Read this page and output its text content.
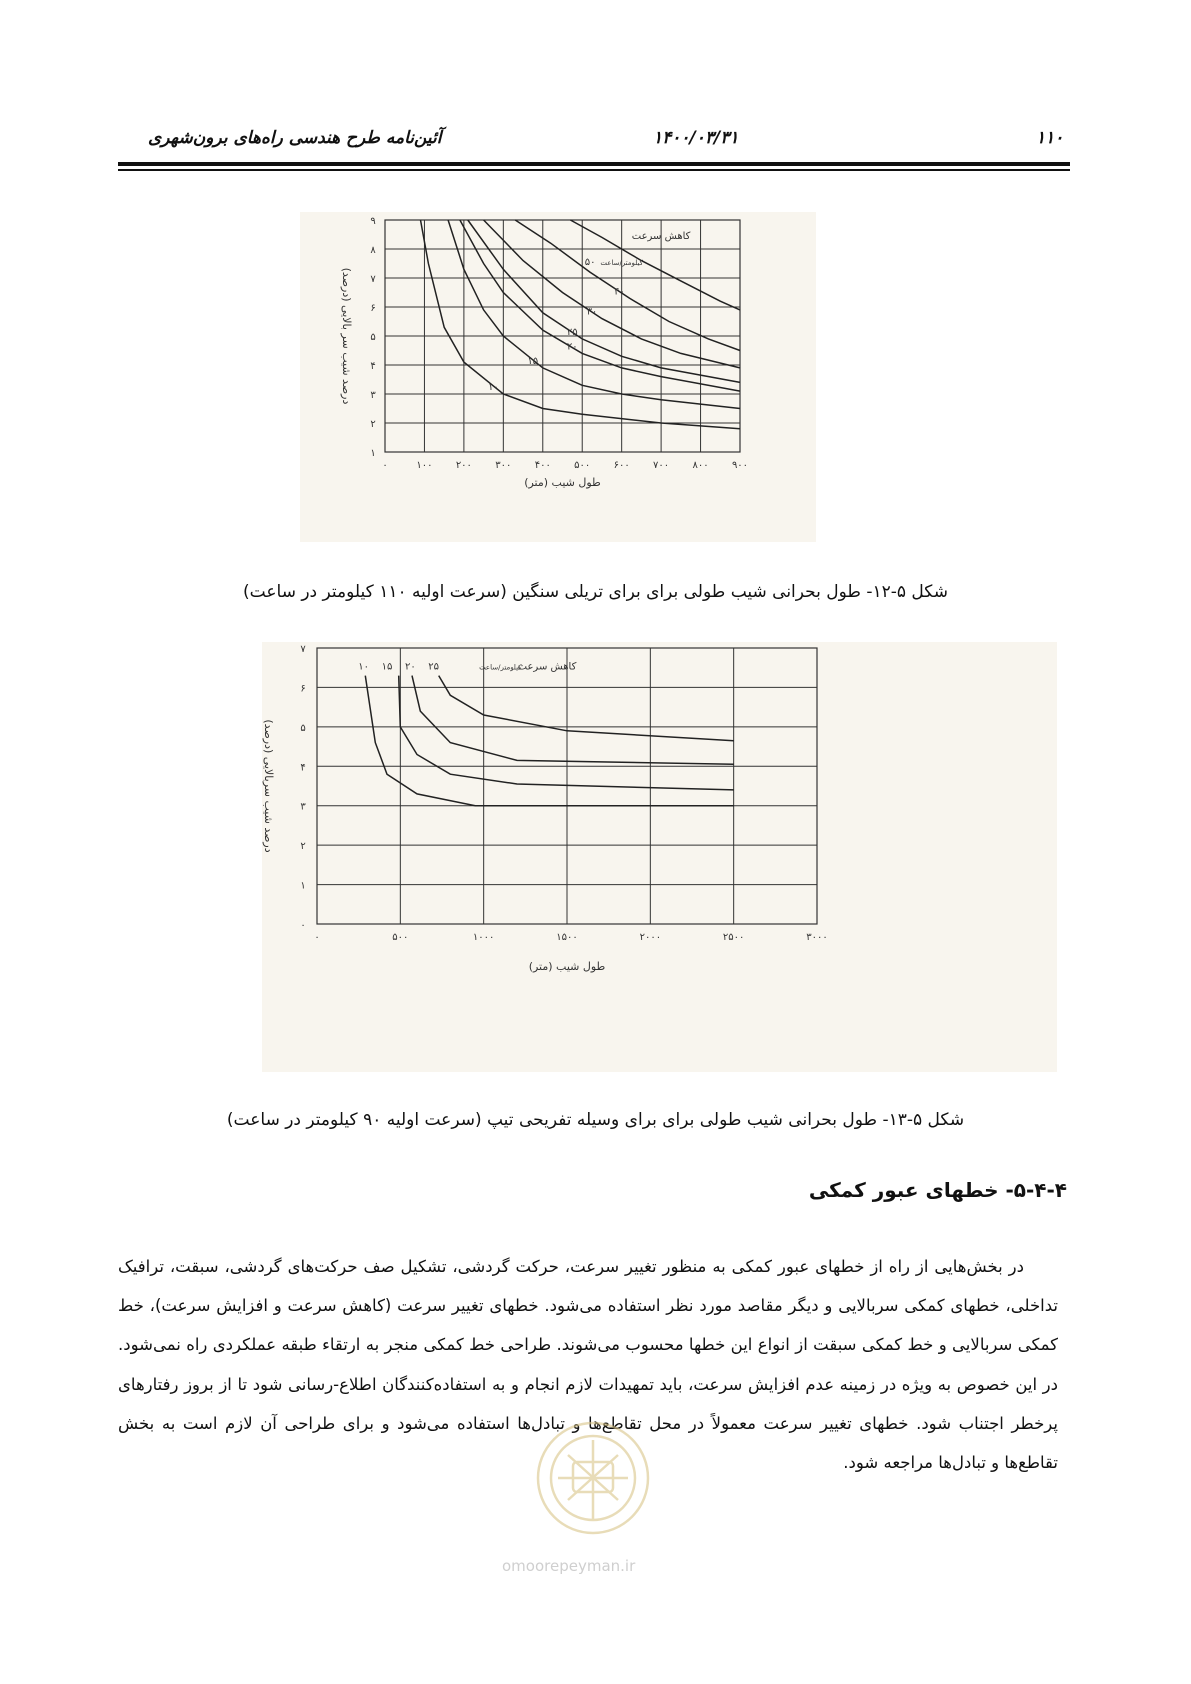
۱۱۰
۱۴۰۰/۰۳/۳۱
آئین‌نامه طرح هندسی راه‌های برون‌شهری
۰	۱۰۰ ۲۰۰ ۳۰۰ ۴۰۰ ۵۰۰ ۶۰۰ ۷۰۰ ۸۰۰ ۹۰۰
۱
۲
۳
۴
۵
۶
۷
۸
۹
طول شیب (متر)
درصد شیب سر بالایی (درصد)	۱۰
۱۵
۲۰
۲۵
۳۰
۴۰
۵۰ کیلومتر/ساعت
کاهش سرعت
شکل ۵-۱۲- طول بحرانی شیب طولی برای برای تریلی سنگین (سرعت اولیه ۱۱۰ کیلومتر در ساعت)
۰	۵۰۰	۱۰۰۰	۱۵۰۰	۲۰۰۰	۲۵۰۰	۳۰۰۰
۰
۱
۲
۳
۴
۵
۶
۷
طول شیب (متر)
درصد شیب سربالایی (درصد)
۱۰ ۱۵ ۲۰ ۲۵	کیلومتر/ساعت
کاهش سرعت
شکل ۵-۱۳- طول بحرانی شیب طولی برای برای وسیله تفریحی تیپ (سرعت اولیه ۹۰ کیلومتر در ساعت)
۵-۴-۴- خطهای عبور کمکی
در بخش‌هایی از راه از خطهای عبور کمکی به منظور تغییر سرعت، حرکت گردشی، تشکیل صف حرکت‌های گردشی، سبقت، ترافیک تداخلی، خطهای کمکی سربالایی و دیگر مقاصد مورد نظر استفاده می‌شود. خطهای تغییر سرعت (کاهش سرعت و افزایش سرعت)، خط کمکی سربالایی و خط کمکی سبقت از انواع این خطها محسوب می‌شوند. طراحی خط کمکی منجر به ارتقاء طبقه عملکردی راه نمی‌شود. در این خصوص به ویژه در زمینه عدم افزایش سرعت، باید تمهیدات لازم انجام و به استفاده‌کنندگان اطلاع-رسانی شود تا از بروز رفتارهای پرخطر اجتناب شود. خطهای تغییر سرعت معمولاً در محل تقاطع‌ها و تبادل‌ها استفاده می‌شود و برای طراحی آن لازم است به بخش تقاطع‌ها و تبادل‌ها مراجعه شود.
omoorepeyman.ir
